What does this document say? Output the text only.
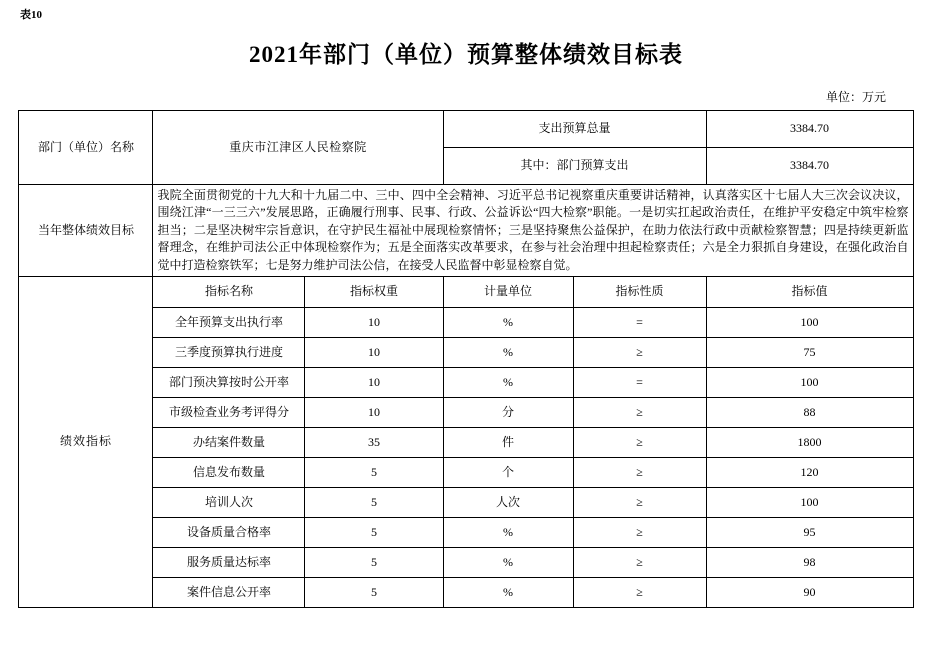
表10
2021年部门（单位）预算整体绩效目标表
单位：万元
部门（单位）名称	重庆市江津区人民检察院		支出预算总量		3384.70
			其中：部门预算支出		3384.70
当年整体绩效目标	我院全面贯彻党的十九大和十九届二中、三中、四中全会精神、习近平总书记视察重庆重要讲话精神，认真落实区十七届人大三次会议决议，围绕江津“一三三六”发展思路，正确履行刑事、民事、行政、公益诉讼“四大检察”职能。一是切实扛起政治责任，在维护平安稳定中筑牢检察担当；二是坚决树牢宗旨意识，在守护民生福祉中展现检察情怀；三是坚持聚焦公益保护，在助力依法行政中贡献检察智慧；四是持续更新监督理念，在维护司法公正中体现检察作为；五是全面落实改革要求，在参与社会治理中担起检察责任；六是全力狠抓自身建设，在强化政治自觉中打造检察铁军；七是努力维护司法公信，在接受人民监督中彰显检察自觉。				
绩效指标	指标名称	指标权重	计量单位	指标性质	指标值
	全年预算支出执行率	10	%	=	100
	三季度预算执行进度	10	%	≥	75
	部门预决算按时公开率	10	%	=	100
	市级检查业务考评得分	10	分	≥	88
	办结案件数量	35	件	≥	1800
	信息发布数量	5	个	≥	120
	培训人次	5	人次	≥	100
	设备质量合格率	5	%	≥	95
	服务质量达标率	5	%	≥	98
	案件信息公开率	5	%	≥	90
